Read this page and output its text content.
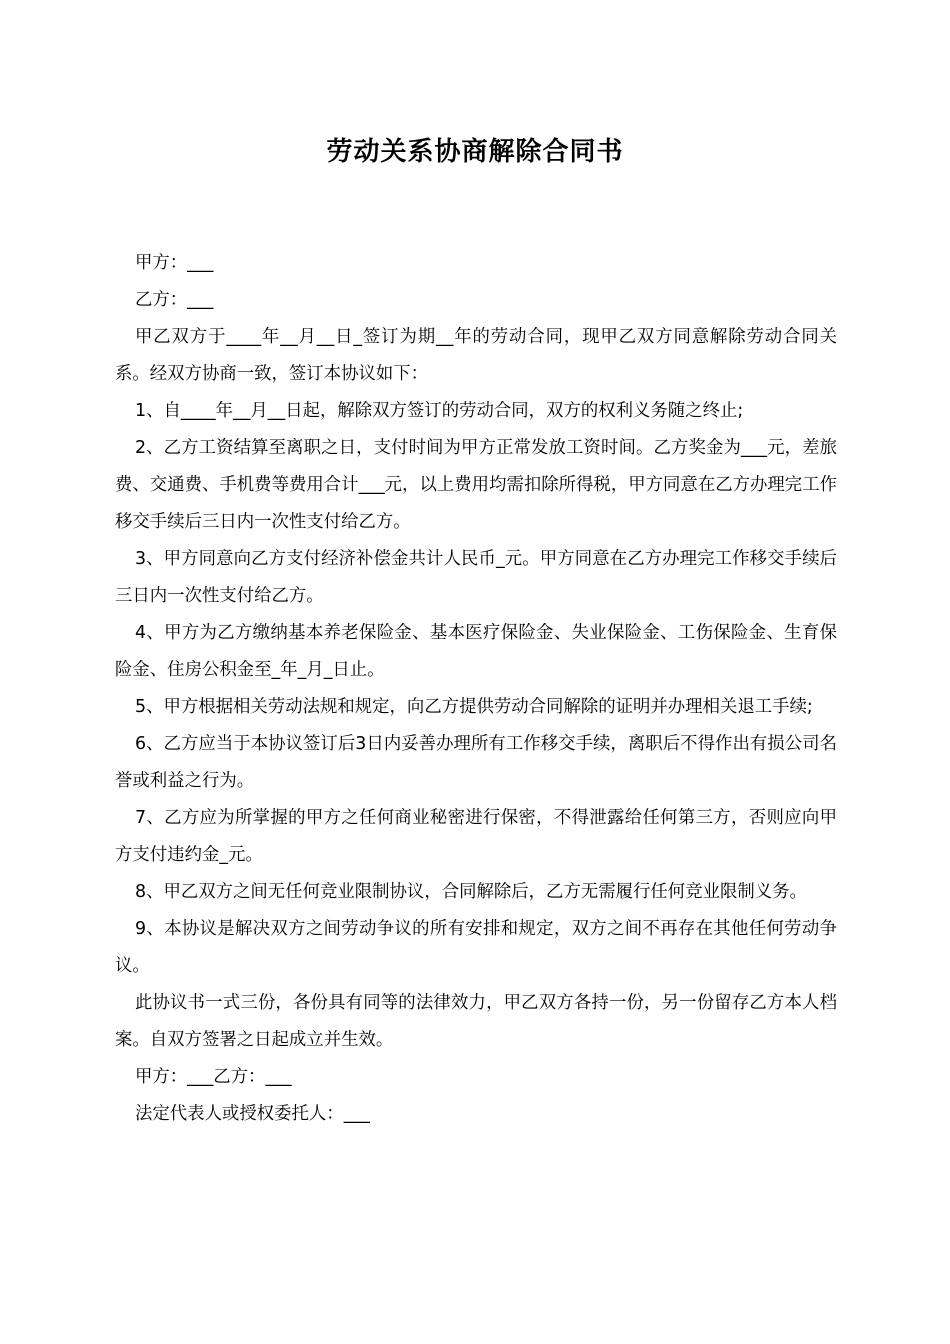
劳动关系协商解除合同书

甲方：___

乙方：___

甲乙双方于____年__月__日_签订为期__年的劳动合同，现甲乙双方同意解除劳动合同关系。经双方协商一致，签订本协议如下：

1、自____年__月__日起，解除双方签订的劳动合同，双方的权利义务随之终止;

2、乙方工资结算至离职之日，支付时间为甲方正常发放工资时间。乙方奖金为___元，差旅费、交通费、手机费等费用合计___元，以上费用均需扣除所得税，甲方同意在乙方办理完工作移交手续后三日内一次性支付给乙方。

3、甲方同意向乙方支付经济补偿金共计人民币_元。甲方同意在乙方办理完工作移交手续后三日内一次性支付给乙方。

4、甲方为乙方缴纳基本养老保险金、基本医疗保险金、失业保险金、工伤保险金、生育保险金、住房公积金至_年_月_日止。

5、甲方根据相关劳动法规和规定，向乙方提供劳动合同解除的证明并办理相关退工手续;

6、乙方应当于本协议签订后3日内妥善办理所有工作移交手续，离职后不得作出有损公司名誉或利益之行为。

7、乙方应为所掌握的甲方之任何商业秘密进行保密，不得泄露给任何第三方，否则应向甲方支付违约金_元。

8、甲乙双方之间无任何竞业限制协议，合同解除后，乙方无需履行任何竞业限制义务。

9、本协议是解决双方之间劳动争议的所有安排和规定，双方之间不再存在其他任何劳动争议。

此协议书一式三份，各份具有同等的法律效力，甲乙双方各持一份，另一份留存乙方本人档案。自双方签署之日起成立并生效。

甲方：___乙方：___

法定代表人或授权委托人：___
